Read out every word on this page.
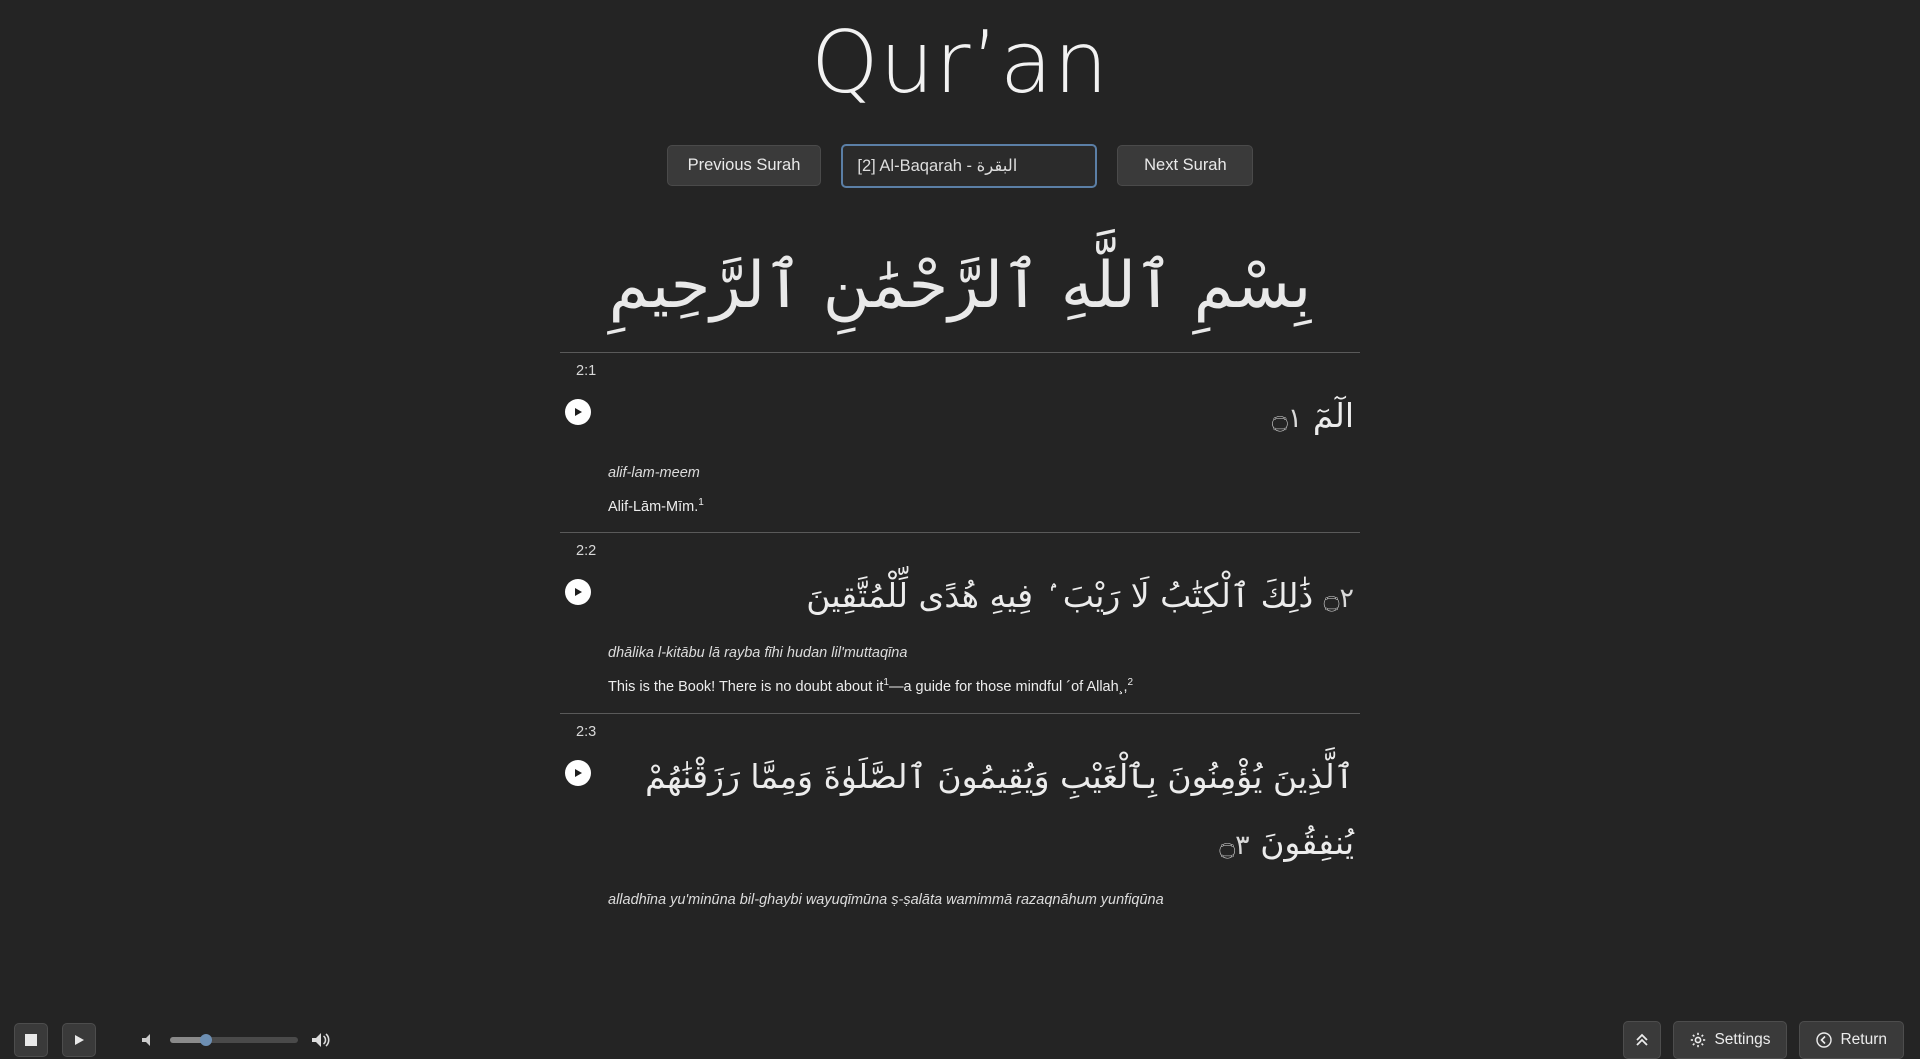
Qur’an
Previous Surah	[2] Al-Baqarah - البقرة	Next Surah
بِسْمِ ٱللَّهِ ٱلرَّحْمَٰنِ ٱلرَّحِيمِ
2:1
الٓمٓ ۝١
alif-lam-meem
Alif-Lām-Mīm.$^1$
2:2
۝٢ ذَٰلِكَ ٱلْكِتَٰبُ لَا رَيْبَ ۢ فِيهِ هُدًى لِّلْمُتَّقِينَ
dhālika l-kitābu lā rayba fīhi hudan lil'muttaqīna
This is the Book! There is no doubt about $it^1—a$ guide for those mindful ´of Allah¸,$^2$
2:3
ٱلَّذِينَ يُؤْمِنُونَ بِٱلْغَيْبِ وَيُقِيمُونَ ٱلصَّلَوٰةَ وَمِمَّا رَزَقْنَٰهُمْ يُنفِقُونَ ۝٣
alladhīna yu'minūna bil-ghaybi wayuqīmūna ṣ-ṣalāta wamimmā razaqnāhum yunfiqūna
Settings	Return
